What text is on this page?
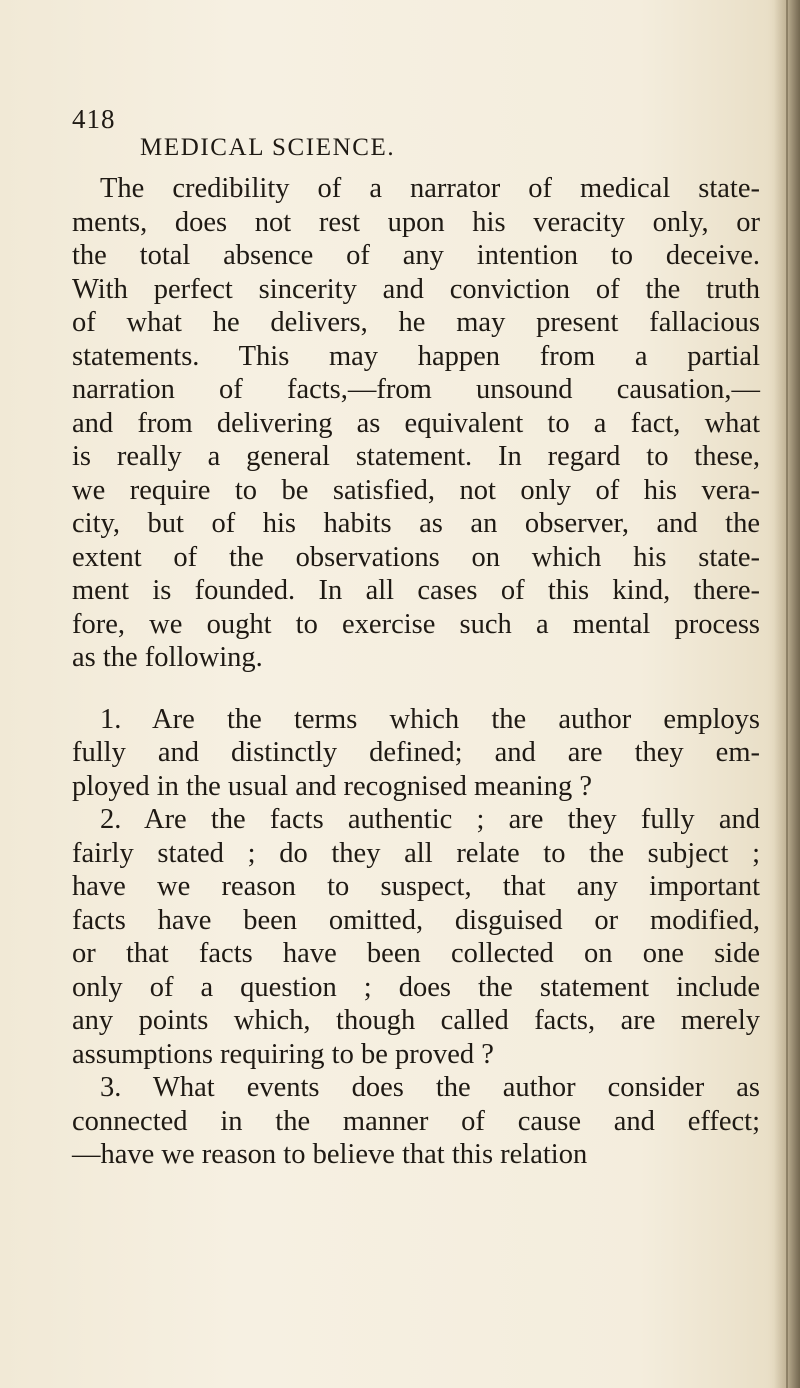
418
MEDICAL SCIENCE.
The credibility of a narrator of medical state-
ments, does not rest upon his veracity only, or
the total absence of any intention to deceive.
With perfect sincerity and conviction of the truth
of what he delivers, he may present fallacious
statements. This may happen from a partial
narration of facts,—from unsound causation,—
and from delivering as equivalent to a fact, what
is really a general statement. In regard to these,
we require to be satisfied, not only of his vera-
city, but of his habits as an observer, and the
extent of the observations on which his state-
ment is founded. In all cases of this kind, there-
fore, we ought to exercise such a mental process
as the following.
1. Are the terms which the author employs
fully and distinctly defined; and are they em-
ployed in the usual and recognised meaning ?
2. Are the facts authentic ; are they fully and
fairly stated ; do they all relate to the subject ;
have we reason to suspect, that any important
facts have been omitted, disguised or modified,
or that facts have been collected on one side
only of a question ; does the statement include
any points which, though called facts, are merely
assumptions requiring to be proved ?
3. What events does the author consider as
connected in the manner of cause and effect;
—have we reason to believe that this relation
